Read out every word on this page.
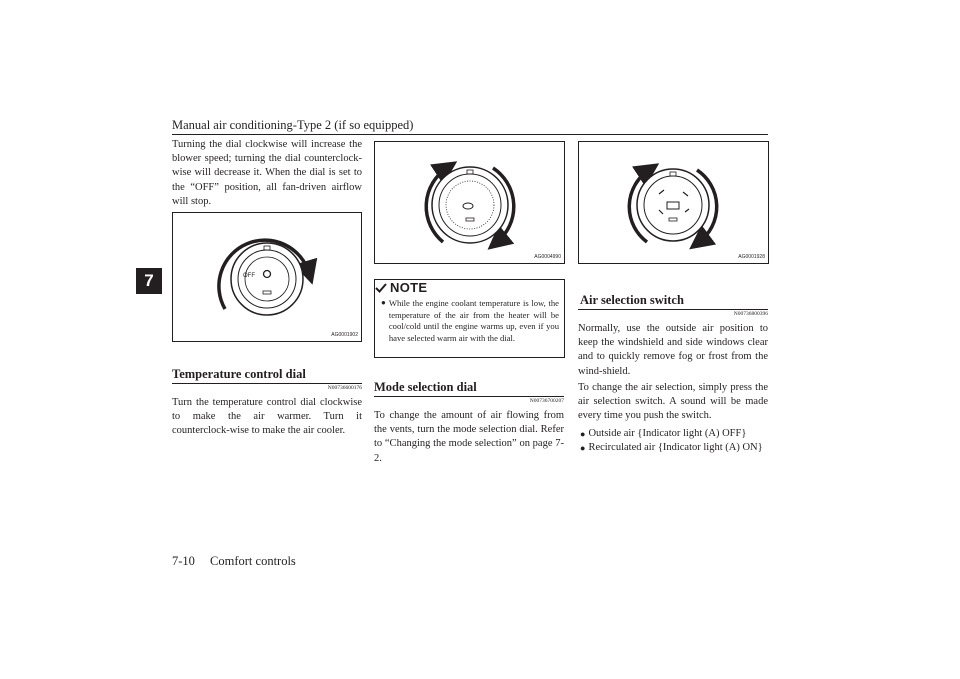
Manual air conditioning-Type 2 (if so equipped)
7
Turning the dial clockwise will increase the blower speed; turning the dial counterclock-wise will decrease it. When the dial is set to the “OFF” position, all fan-driven airflow will stop.
OFF
AG0001902
Temperature control dial
N00736600176
Turn the temperature control dial clockwise to make the air warmer. Turn it counterclock-wise to make the air cooler.
AG0004990
NOTE
● While the engine coolant temperature is low, the temperature of the air from the heater will be cool/cold until the engine warms up, even if you have selected warm air with the dial.
Mode selection dial
N00736700207
To change the amount of air flowing from the vents, turn the mode selection dial. Refer to “Changing the mode selection” on page 7-2.
AG0001928
Air selection switch
N00736800396
Normally, use the outside air position to keep the windshield and side windows clear and to quickly remove fog or frost from the wind-shield.
To change the air selection, simply press the air selection switch. A sound will be made every time you push the switch.
● Outside air {Indicator light (A) OFF}
● Recirculated air {Indicator light (A) ON}
7-10 Comfort controls
